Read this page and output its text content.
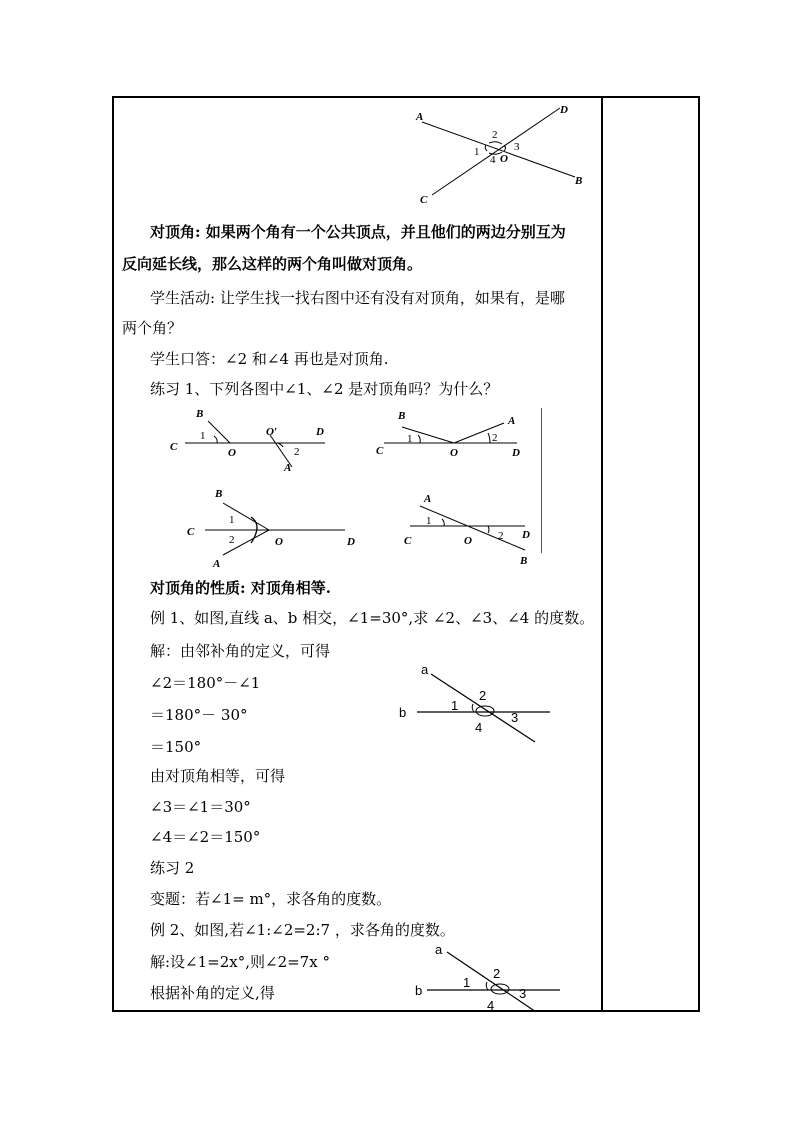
A
D
C
B
O
1
2
3
4
对顶角: 如果两个角有一个公共顶点，并且他们的两边分别互为
反向延长线，那么这样的两个角叫做对顶角。
学生活动: 让学生找一找右图中还有没有对顶角，如果有，是哪
两个角？
学生口答：∠2 和∠4 再也是对顶角.
练习 1、下列各图中∠1、∠2 是对顶角吗？为什么？
B
C
1
O
O′	D
2
A
B	A
C
1	2
O	D
B
1
C
2	O	D
A
A
1
C	O 2 D
B
对顶角的性质: 对顶角相等.
例 1、如图,直线 a、b 相交，∠1=30°,求 ∠2、∠3、∠4 的度数。
解：由邻补角的定义，可得
∠2＝180°－∠1
＝180°－ 30°
＝150°
由对顶角相等，可得
∠3＝∠1＝30°
∠4＝∠2＝150°
练习 2
变题：若∠1= m°，求各角的度数。
例 2、如图,若∠1:∠2=2:7 ，求各角的度数。
解:设∠1=2x°,则∠2=7x °
根据补角的定义,得
a
b	1
2
3
4
a
b
1
2
3
4
